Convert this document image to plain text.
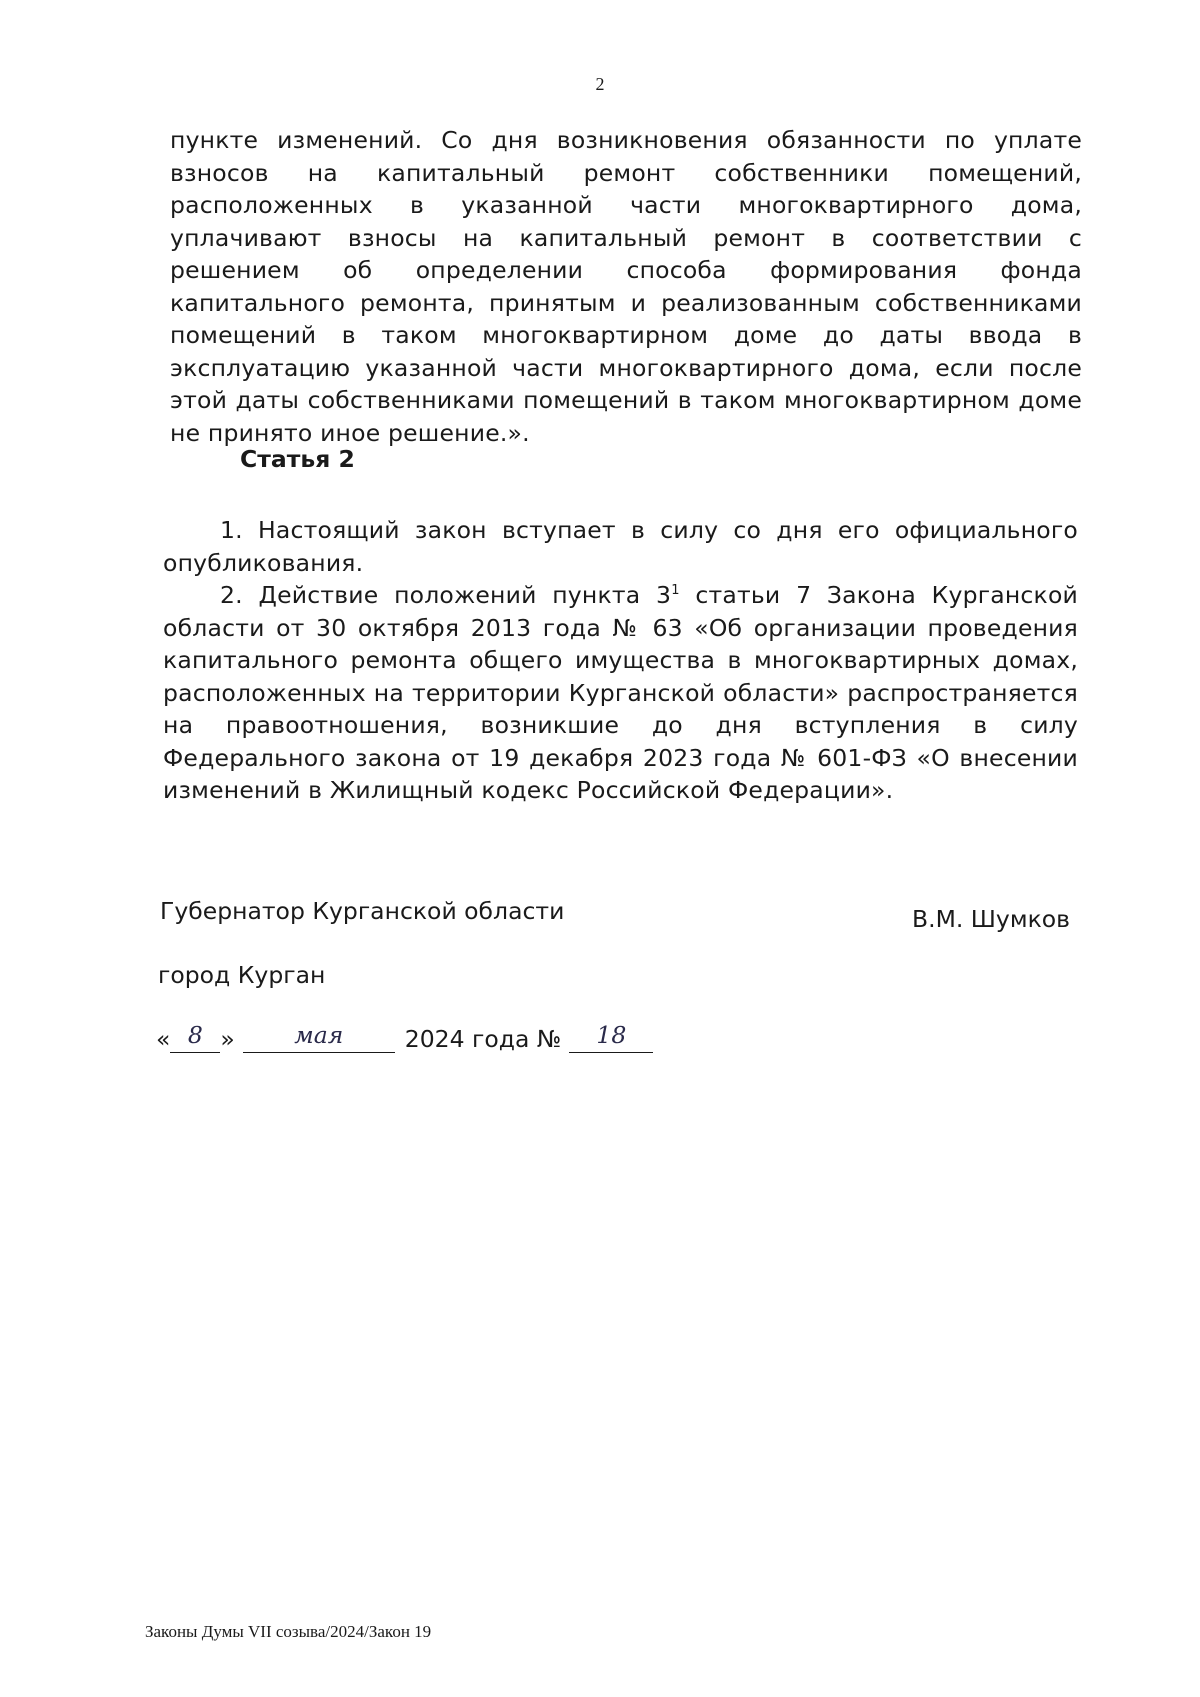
2
пункте изменений. Со дня возникновения обязанности по уплате взносов на капитальный ремонт собственники помещений, расположенных в указанной части многоквартирного дома, уплачивают взносы на капитальный ремонт в соответствии с решением об определении способа формирования фонда капитального ремонта, принятым и реализованным собственниками помещений в таком многоквартирном доме до даты ввода в эксплуатацию указанной части многоквартирного дома, если после этой даты собственниками помещений в таком многоквартирном доме не принято иное решение.».
Статья 2

1. Настоящий закон вступает в силу со дня его официального опубликования.

2. Действие положений пункта $3^1$ статьи 7 Закона Курганской области от 30 октября 2013 года № 63 «Об организации проведения капитального ремонта общего имущества в многоквартирных домах, расположенных на территории Курганской области» распространяется на правоотношения, возникшие до дня вступления в силу Федерального закона от 19 декабря 2023 года № 601-ФЗ «О внесении изменений в Жилищный кодекс Российской Федерации».

Губернатор Курганской области	В.М. Шумков
город Курган
« 8 »	мая	2024 года №	18
Законы Думы VII созыва/2024/Закон 19
